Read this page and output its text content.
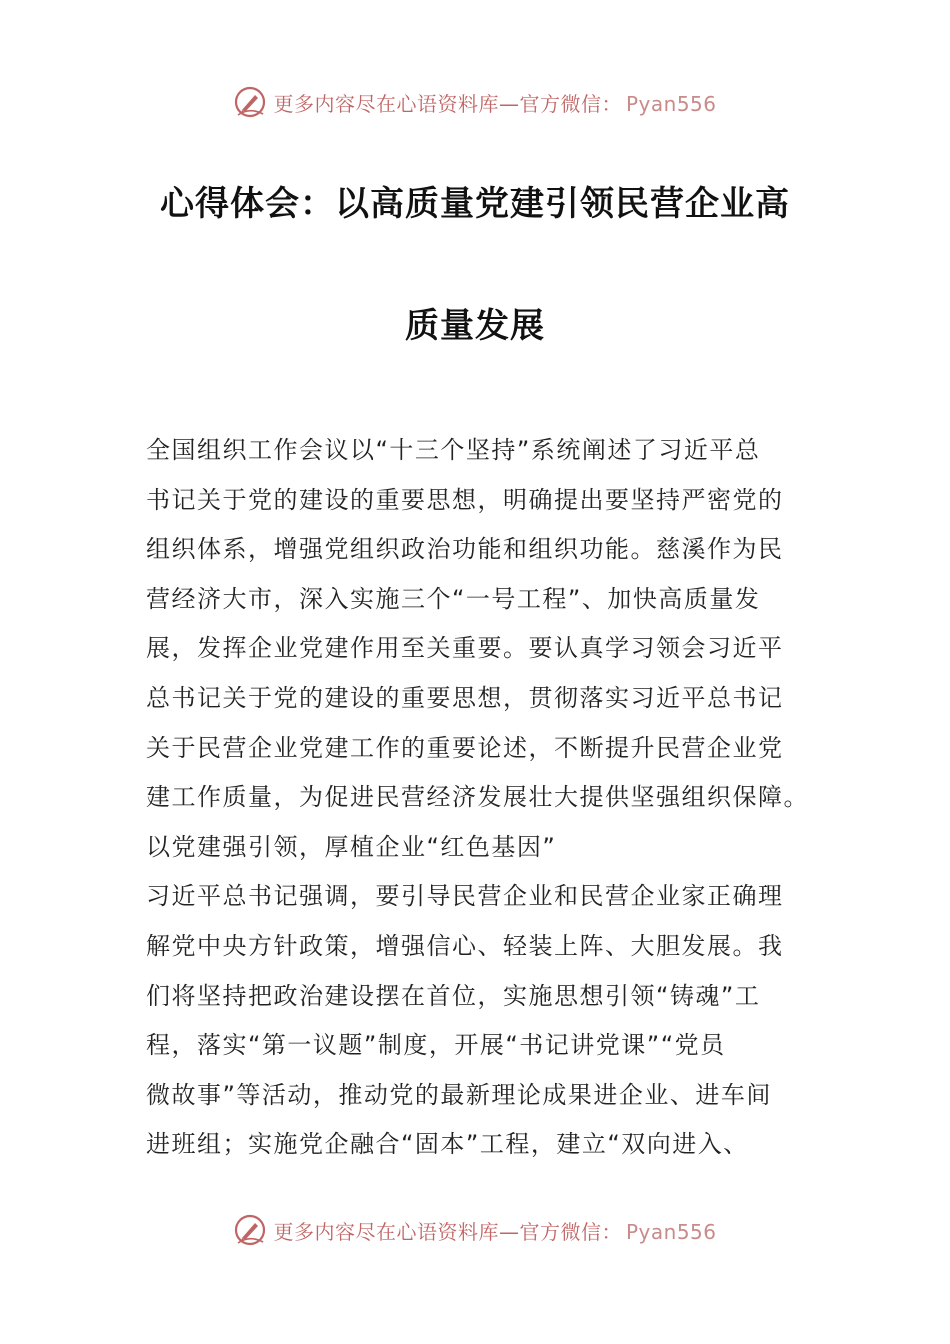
更多内容尽在心语资料库—官方微信： Pyan556
心得体会：以高质量党建引领民营企业高
质量发展
全国组织工作会议以“十三个坚持”系统阐述了习近平总
书记关于党的建设的重要思想，明确提出要坚持严密党的
组织体系，增强党组织政治功能和组织功能。慈溪作为民
营经济大市，深入实施三个“一号工程”、加快高质量发
展，发挥企业党建作用至关重要。要认真学习领会习近平
总书记关于党的建设的重要思想，贯彻落实习近平总书记
关于民营企业党建工作的重要论述，不断提升民营企业党
建工作质量，为促进民营经济发展壮大提供坚强组织保障。
以党建强引领，厚植企业“红色基因”
习近平总书记强调，要引导民营企业和民营企业家正确理
解党中央方针政策，增强信心、轻装上阵、大胆发展。我
们将坚持把政治建设摆在首位，实施思想引领“铸魂”工
程，落实“第一议题”制度，开展“书记讲党课”“党员
微故事”等活动，推动党的最新理论成果进企业、进车间
进班组；实施党企融合“固本”工程，建立“双向进入、
更多内容尽在心语资料库—官方微信： Pyan556
